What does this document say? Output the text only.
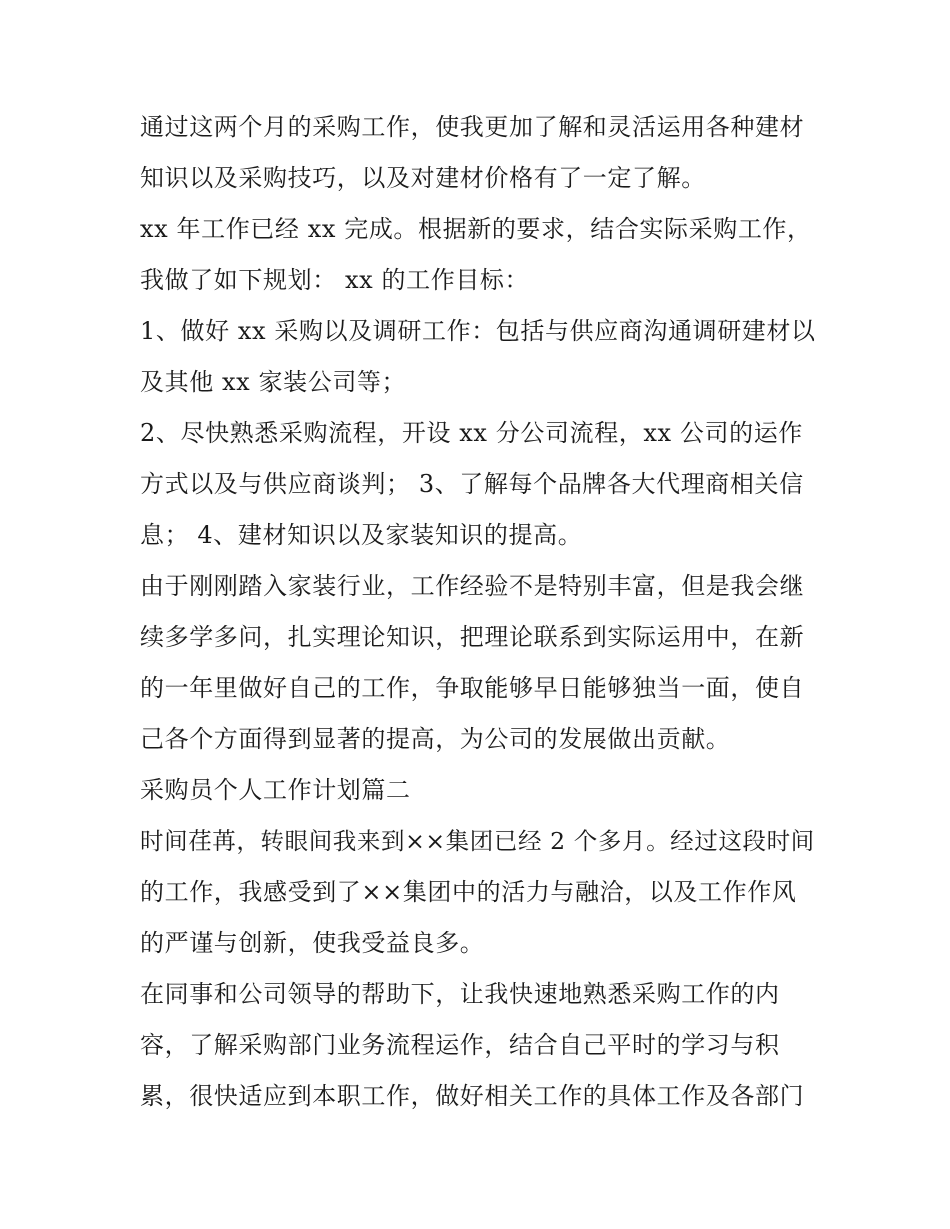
通过这两个月的采购工作，使我更加了解和灵活运用各种建材
知识以及采购技巧，以及对建材价格有了一定了解。
xx 年工作已经 xx 完成。根据新的要求，结合实际采购工作，
我做了如下规划： xx 的工作目标：
1、做好 xx 采购以及调研工作：包括与供应商沟通调研建材以
及其他 xx 家装公司等；
2、尽快熟悉采购流程，开设 xx 分公司流程，xx 公司的运作
方式以及与供应商谈判； 3、了解每个品牌各大代理商相关信
息； 4、建材知识以及家装知识的提高。
由于刚刚踏入家装行业，工作经验不是特别丰富，但是我会继
续多学多问，扎实理论知识，把理论联系到实际运用中，在新
的一年里做好自己的工作，争取能够早日能够独当一面，使自
己各个方面得到显著的提高，为公司的发展做出贡献。
采购员个人工作计划篇二
时间荏苒，转眼间我来到××集团已经 2 个多月。经过这段时间
的工作，我感受到了××集团中的活力与融洽，以及工作作风
的严谨与创新，使我受益良多。
在同事和公司领导的帮助下，让我快速地熟悉采购工作的内
容，了解采购部门业务流程运作，结合自己平时的学习与积
累，很快适应到本职工作，做好相关工作的具体工作及各部门
